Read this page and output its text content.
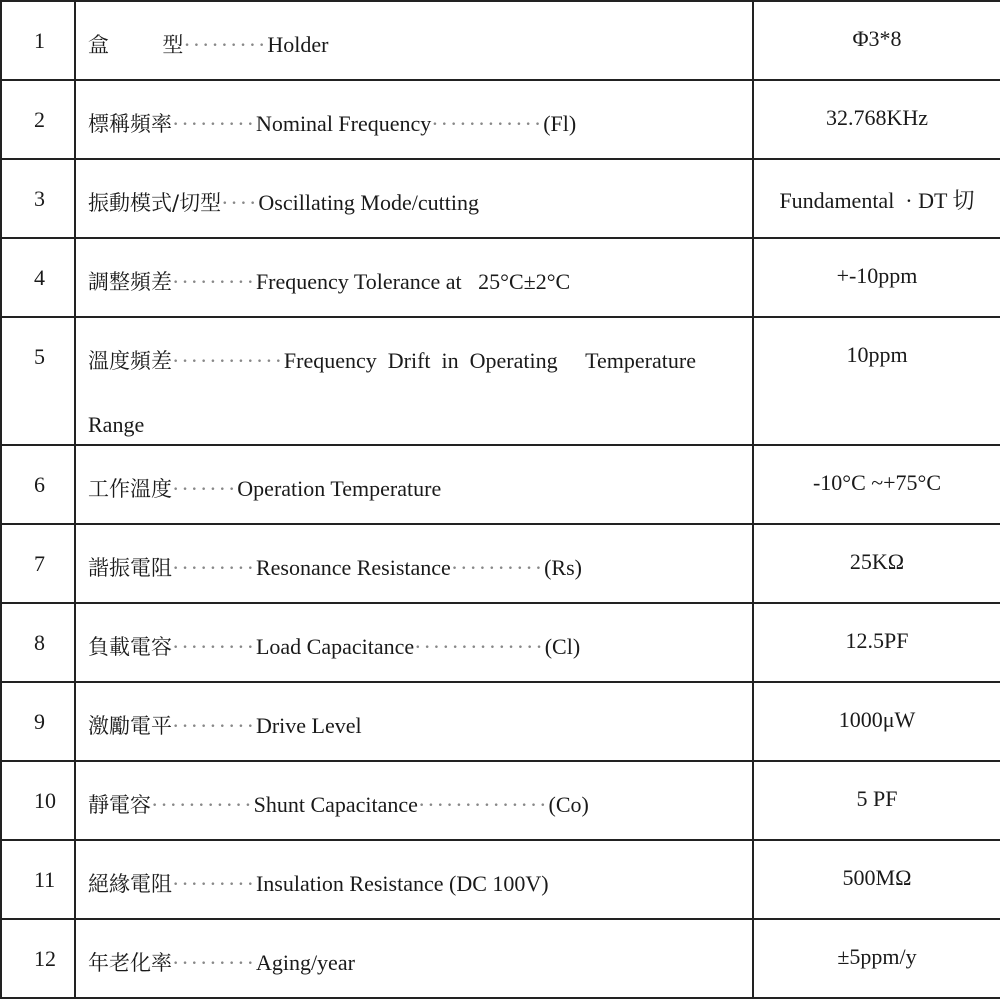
1	盒        型·········Holder	Φ3*8

2	標稱頻率·········Nominal Frequency············(Fl)	32.768KHz

3	振動模式/切型····Oscillating Mode/cutting	Fundamental  · DT 切

4	調整頻差·········Frequency Tolerance at   25°C±2°C	+-10ppm

5	溫度頻差············Frequency  Drift  in  Operating     Temperature
Range	10ppm

6	工作溫度·······Operation Temperature	-10°C ~+75°C

7	諧振電阻·········Resonance Resistance··········(Rs)	25KΩ

8	負載電容·········Load Capacitance··············(Cl)	12.5PF

9	激勵電平·········Drive Level	1000μW

10	靜電容···········Shunt Capacitance··············(Co)	5 PF

11	絕緣電阻·········Insulation Resistance (DC 100V)	500MΩ

12	年老化率·········Aging/year	±5ppm/y
